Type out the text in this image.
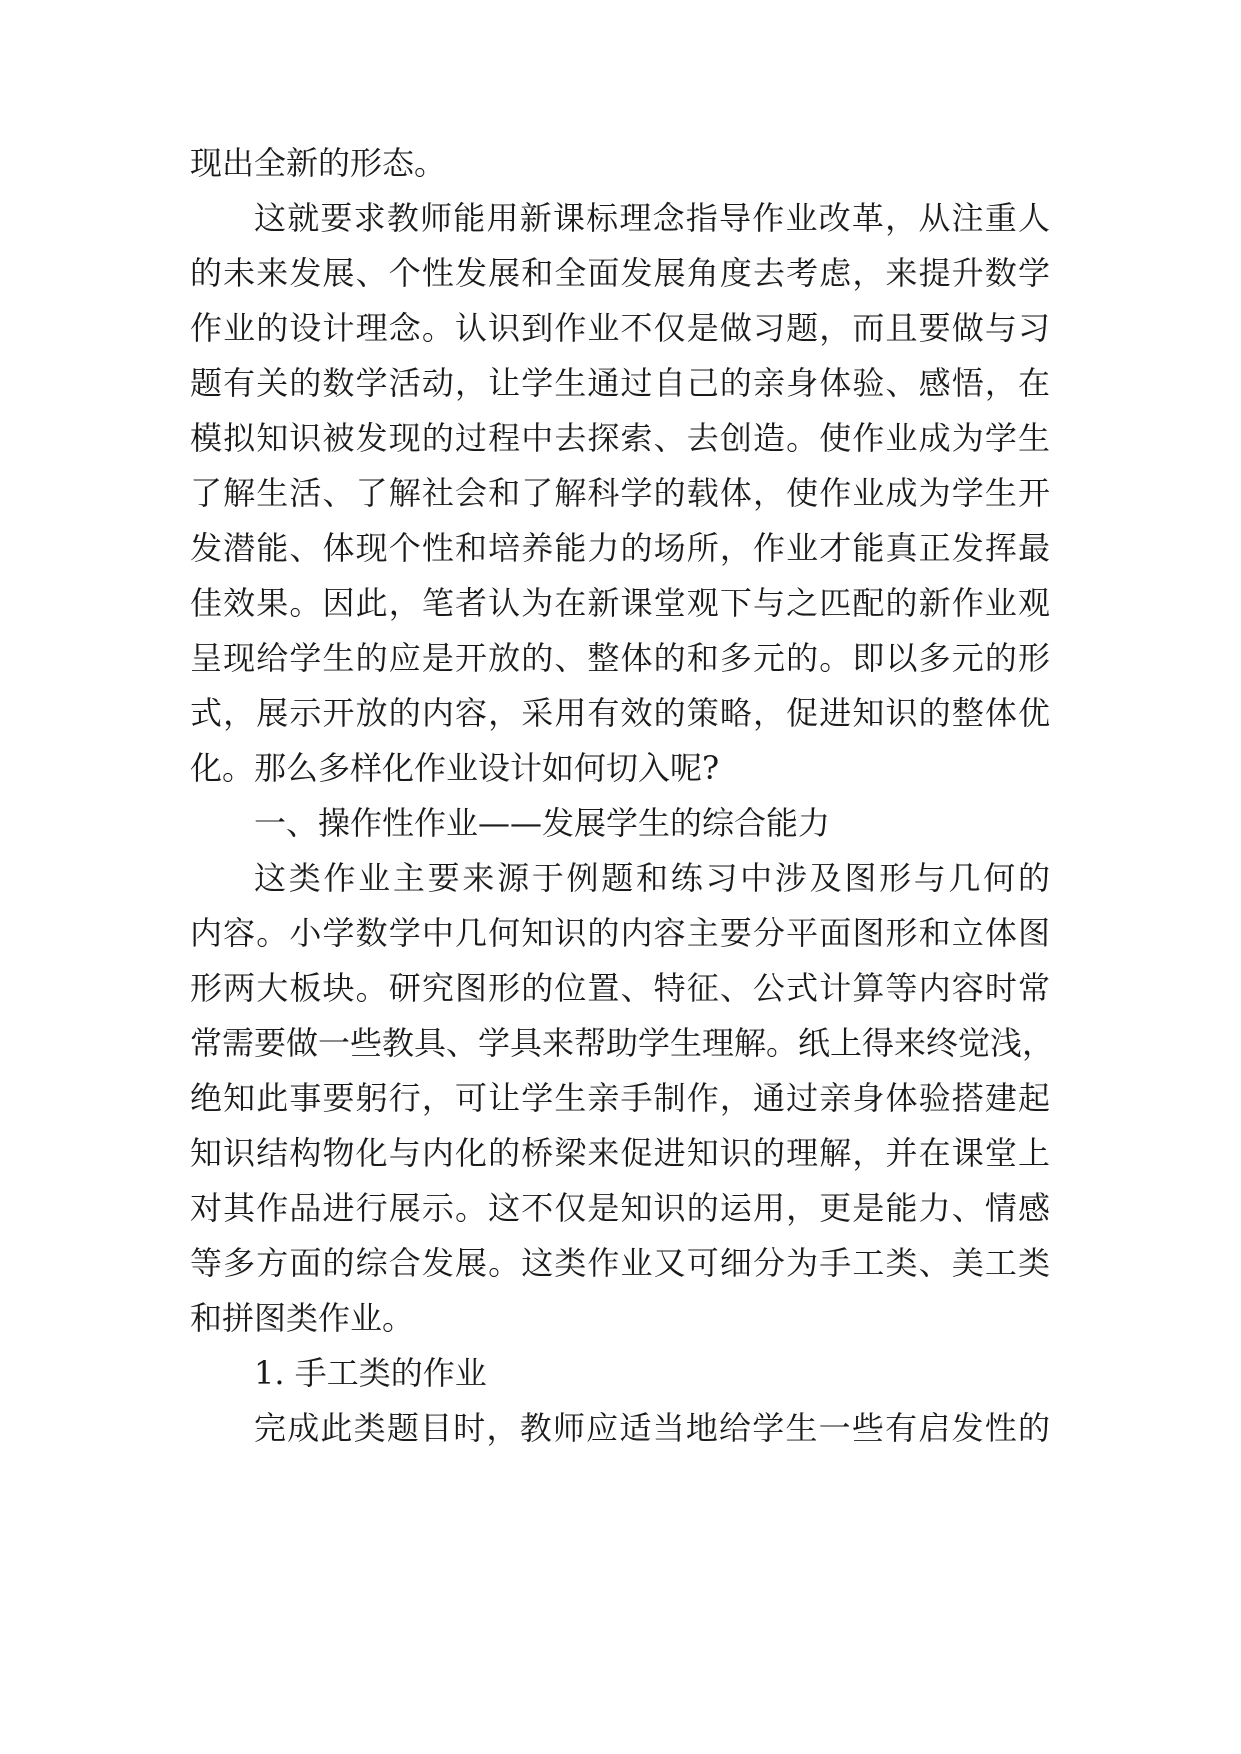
现出全新的形态。
这就要求教师能用新课标理念指导作业改革，从注重人
的未来发展、个性发展和全面发展角度去考虑，来提升数学
作业的设计理念。认识到作业不仅是做习题，而且要做与习
题有关的数学活动，让学生通过自己的亲身体验、感悟，在
模拟知识被发现的过程中去探索、去创造。使作业成为学生
了解生活、了解社会和了解科学的载体，使作业成为学生开
发潜能、体现个性和培养能力的场所，作业才能真正发挥最
佳效果。因此，笔者认为在新课堂观下与之匹配的新作业观
呈现给学生的应是开放的、整体的和多元的。即以多元的形
式，展示开放的内容，采用有效的策略，促进知识的整体优
化。那么多样化作业设计如何切入呢?
一、操作性作业——发展学生的综合能力
这类作业主要来源于例题和练习中涉及图形与几何的
内容。小学数学中几何知识的内容主要分平面图形和立体图
形两大板块。研究图形的位置、特征、公式计算等内容时常
常需要做一些教具、学具来帮助学生理解。纸上得来终觉浅，
绝知此事要躬行，可让学生亲手制作，通过亲身体验搭建起
知识结构物化与内化的桥梁来促进知识的理解，并在课堂上
对其作品进行展示。这不仅是知识的运用，更是能力、情感
等多方面的综合发展。这类作业又可细分为手工类、美工类
和拼图类作业。
1. 手工类的作业
完成此类题目时，教师应适当地给学生一些有启发性的
